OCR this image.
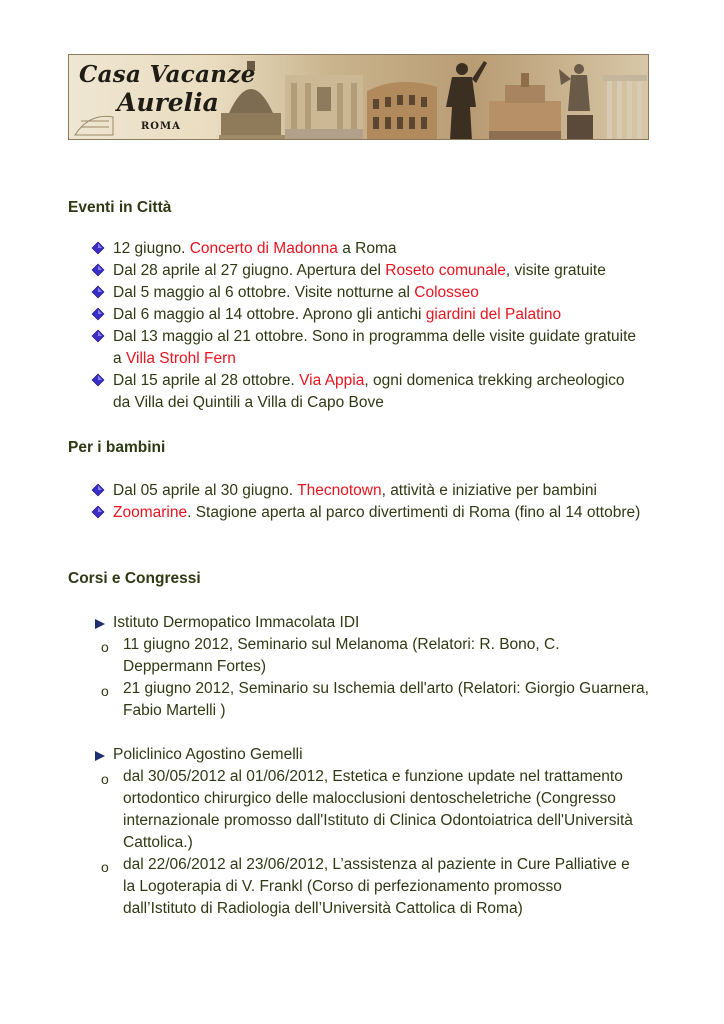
Casa Vacanze
Aurelia
ROMA
Eventi in Città
12 giugno. Concerto di Madonna a Roma
Dal 28 aprile al 27 giugno. Apertura del Roseto comunale, visite gratuite
Dal 5 maggio al 6 ottobre. Visite notturne al Colosseo
Dal 6 maggio al 14 ottobre. Aprono gli antichi giardini del Palatino
Dal 13 maggio al 21 ottobre. Sono in programma delle visite guidate gratuite
a Villa Strohl Fern
Dal 15 aprile al 28 ottobre. Via Appia, ogni domenica trekking archeologico
da Villa dei Quintili a Villa di Capo Bove
Per i bambini
Dal 05 aprile al 30 giugno. Thecnotown, attività e iniziative per bambini
Zoomarine. Stagione aperta al parco divertimenti di Roma (fino al 14 ottobre)
Corsi e Congressi
Istituto Dermopatico Immacolata IDI
o 11 giugno 2012, Seminario sul Melanoma (Relatori: R. Bono, C.
Deppermann Fortes)
o 21 giugno 2012, Seminario su Ischemia dell'arto (Relatori: Giorgio Guarnera,
Fabio Martelli )
Policlinico Agostino Gemelli
o dal 30/05/2012 al 01/06/2012, Estetica e funzione update nel trattamento
ortodontico chirurgico delle malocclusioni dentoscheletriche (Congresso
internazionale promosso dall'Istituto di Clinica Odontoiatrica dell'Università
Cattolica.)
o dal 22/06/2012 al 23/06/2012, L’assistenza al paziente in Cure Palliative e
la Logoterapia di V. Frankl (Corso di perfezionamento promosso
dall’Istituto di Radiologia dell’Università Cattolica di Roma)
